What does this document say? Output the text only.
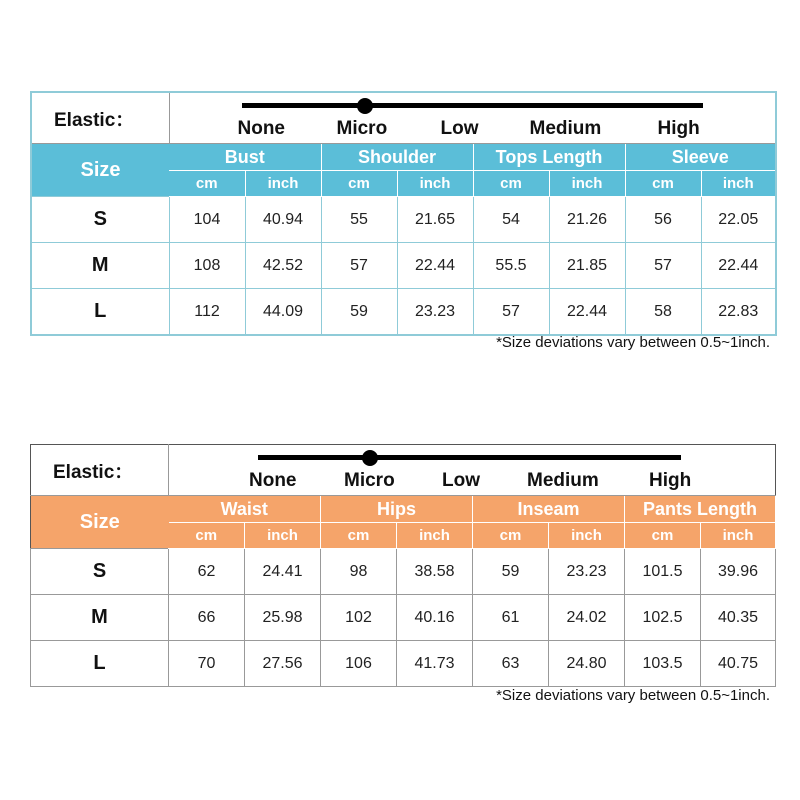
Elastic：	None Micro Low Medium High							

Size	Bust		Shoulder		Tops Length		Sleeve	
	cm	inch	cm	inch	cm	inch	cm	inch
S	104	40.94	55	21.65	54	21.26	56	22.05
M	108	42.52	57	22.44	55.5	21.85	57	22.44
L	112	44.09	59	23.23	57	22.44	58	22.83
*Size deviations vary between 0.5~1inch.
Elastic：	None Micro Low Medium High							

Size	Waist		Hips		Inseam		Pants Length	
	cm	inch	cm	inch	cm	inch	cm	inch
S	62	24.41	98	38.58	59	23.23	101.5	39.96
M	66	25.98	102	40.16	61	24.02	102.5	40.35
L	70	27.56	106	41.73	63	24.80	103.5	40.75
*Size deviations vary between 0.5~1inch.
